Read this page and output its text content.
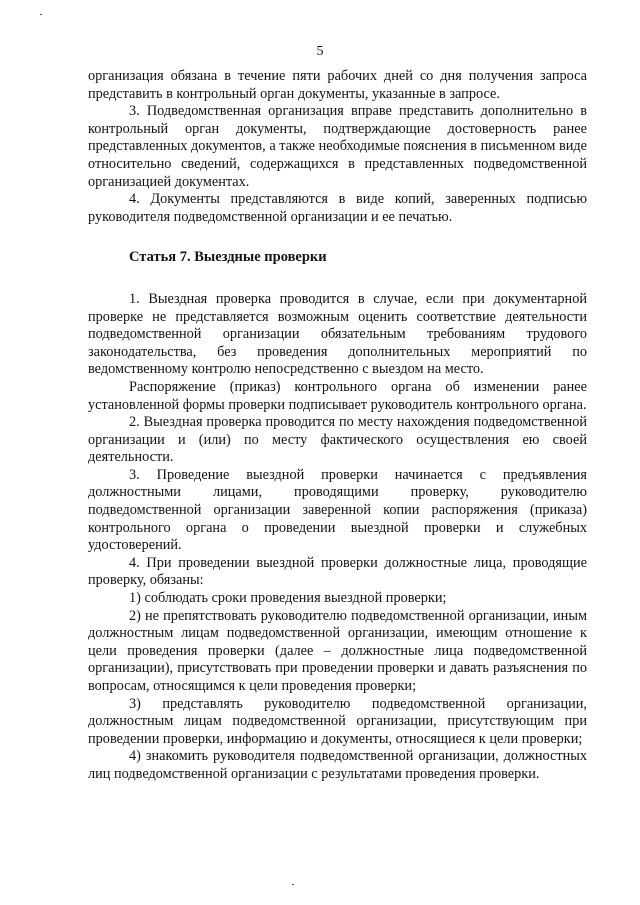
5

организация обязана в течение пяти рабочих дней со дня получения запроса представить в контрольный орган документы, указанные в запросе.

3. Подведомственная организация вправе представить дополнительно в контрольный орган документы, подтверждающие достоверность ранее представленных документов, а также необходимые пояснения в письменном виде относительно сведений, содержащихся в представленных подведомственной организацией документах.

4. Документы представляются в виде копий, заверенных подписью руководителя подведомственной организации и ее печатью.

Статья 7. Выездные проверки

1. Выездная проверка проводится в случае, если при документарной проверке не представляется возможным оценить соответствие деятельности подведомственной организации обязательным требованиям трудового законодательства, без проведения дополнительных мероприятий по ведомственному контролю непосредственно с выездом на место.

Распоряжение (приказ) контрольного органа об изменении ранее установленной формы проверки подписывает руководитель контрольного органа.

2. Выездная проверка проводится по месту нахождения подведомственной организации и (или) по месту фактического осуществления ею своей деятельности.

3. Проведение выездной проверки начинается с предъявления должностными лицами, проводящими проверку, руководителю подведомственной организации заверенной копии распоряжения (приказа) контрольного органа о проведении выездной проверки и служебных удостоверений.

4. При проведении выездной проверки должностные лица, проводящие проверку, обязаны:

1) соблюдать сроки проведения выездной проверки;

2) не препятствовать руководителю подведомственной организации, иным должностным лицам подведомственной организации, имеющим отношение к цели проведения проверки (далее – должностные лица подведомственной организации), присутствовать при проведении проверки и давать разъяснения по вопросам, относящимся к цели проведения проверки;

3) представлять руководителю подведомственной организации, должностным лицам подведомственной организации, присутствующим при проведении проверки, информацию и документы, относящиеся к цели проверки;

4) знакомить руководителя подведомственной организации, должностных лиц подведомственной организации с результатами проведения проверки.
